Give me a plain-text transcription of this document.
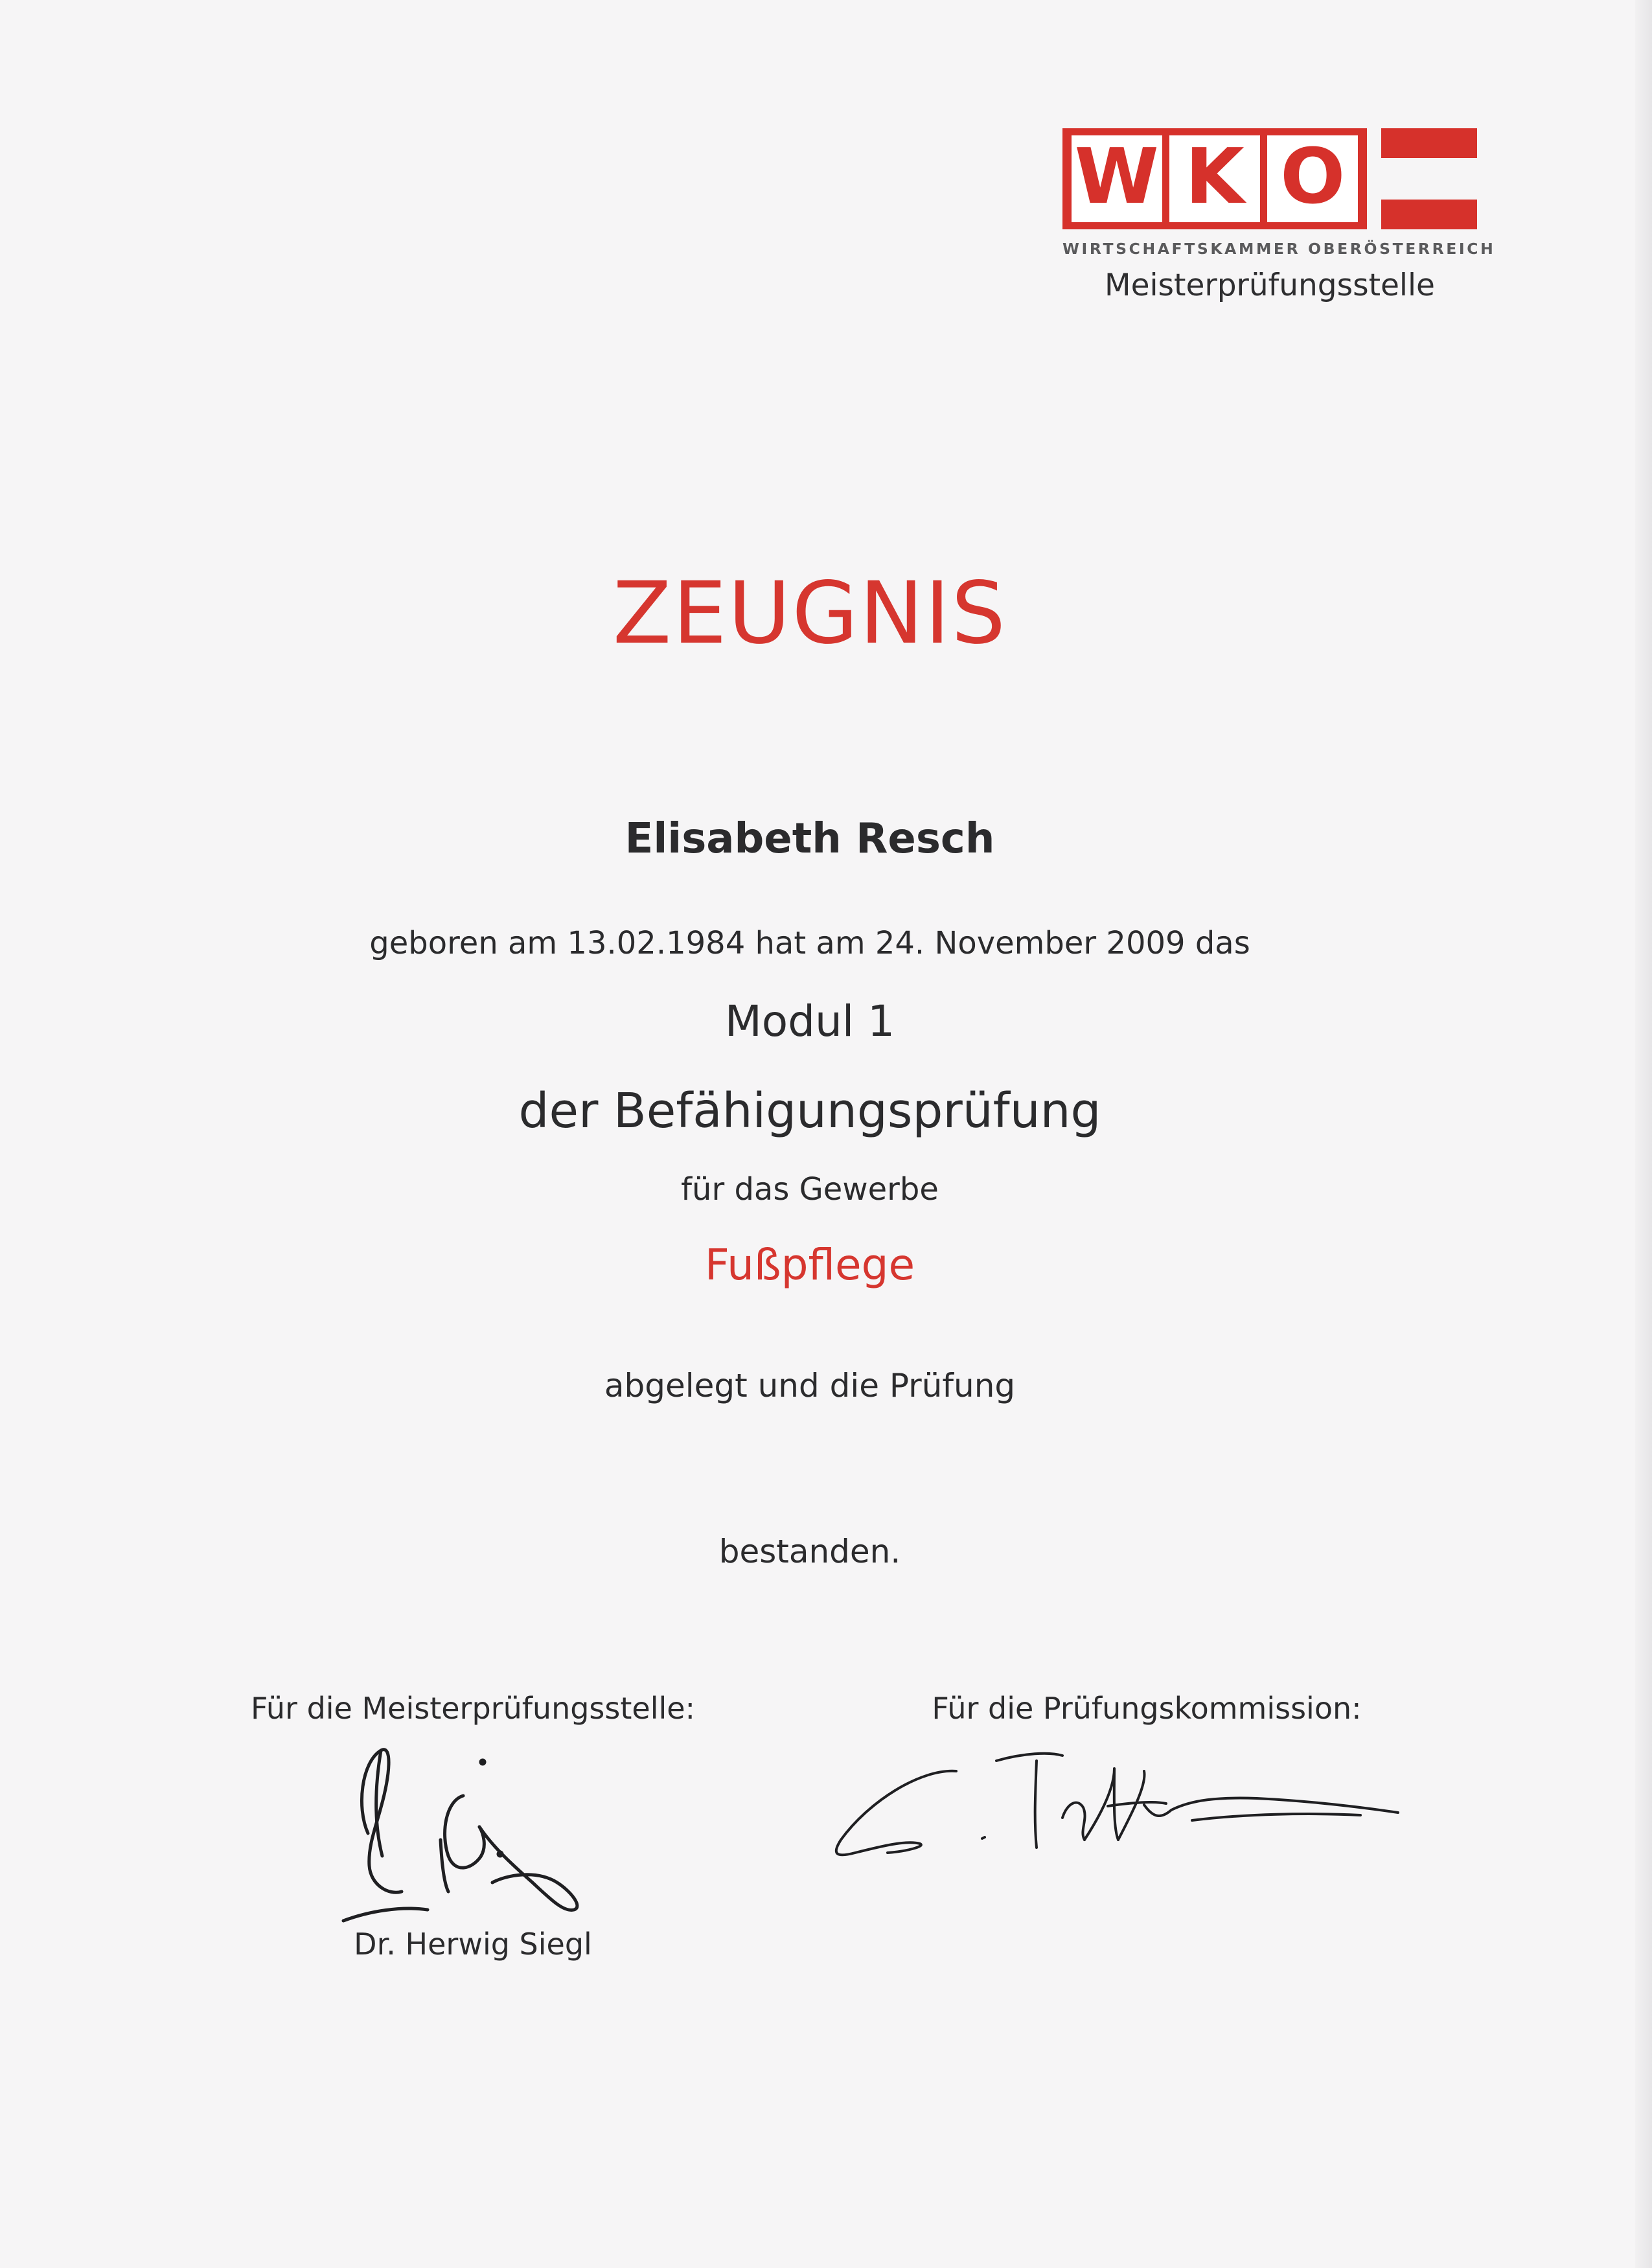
W K O
WIRTSCHAFTSKAMMER OBERÖSTERREICH
Meisterprüfungsstelle
ZEUGNIS
Elisabeth Resch
geboren am 13.02.1984 hat am 24. November 2009 das
Modul 1
der Befähigungsprüfung
für das Gewerbe
Fußpflege
abgelegt und die Prüfung
bestanden.
Für die Meisterprüfungsstelle:	Für die Prüfungskommission:
Dr. Herwig Siegl
